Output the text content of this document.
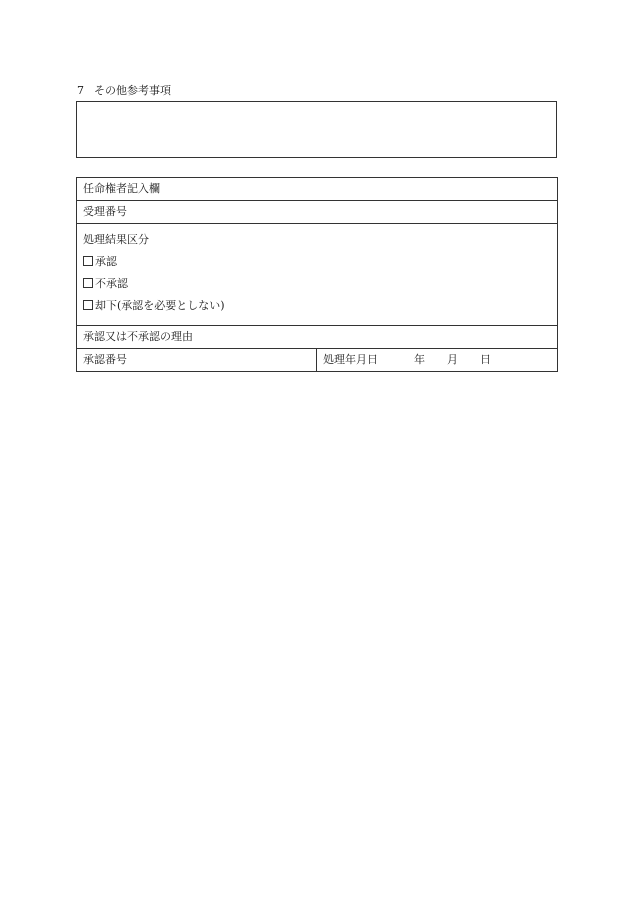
7 その他参考事項
任命権者記入欄
受理番号

処理結果区分
承認
不承認
却下(承認を必要としない)

承認又は不承認の理由
承認番号	処理年月日	年 月 日
